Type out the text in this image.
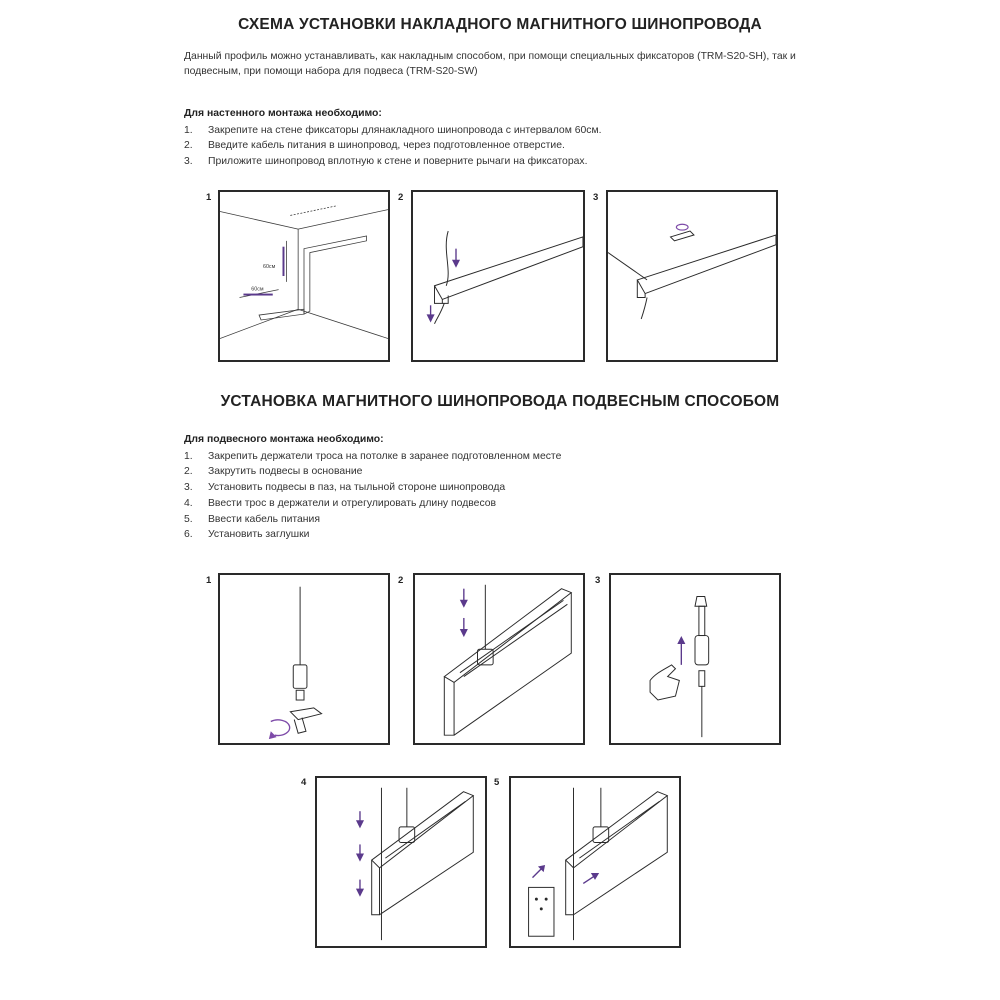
СХЕМА УСТАНОВКИ НАКЛАДНОГО МАГНИТНОГО ШИНОПРОВОДА
Данный профиль можно устанавливать, как накладным способом, при помощи специальных фиксаторов (TRM-S20-SH), так и подвесным, при помощи набора для подвеса (TRM-S20-SW)
Для настенного монтажа необходимо:
1.	Закрепите на стене фиксаторы длянакладного шинопровода с интервалом 60см.
2.	Введите кабель питания в шинопровод, через подготовленное отверстие.
3.	Приложите шинопровод вплотную к стене и поверните рычаги на фиксаторах.
1
60см
60см
2	3
УСТАНОВКА МАГНИТНОГО ШИНОПРОВОДА ПОДВЕСНЫМ СПОСОБОМ
Для подвесного монтажа необходимо:
1.	Закрепить держатели троса на потолке в заранее подготовленном месте
2.	Закрутить подвесы в основание
3.	Установить подвесы в паз, на тыльной стороне шинопровода
4.	Ввести трос в держатели и отрегулировать длину подвесов
5.	Ввести кабель питания
6.	Установить заглушки
1	2	3
4	5
